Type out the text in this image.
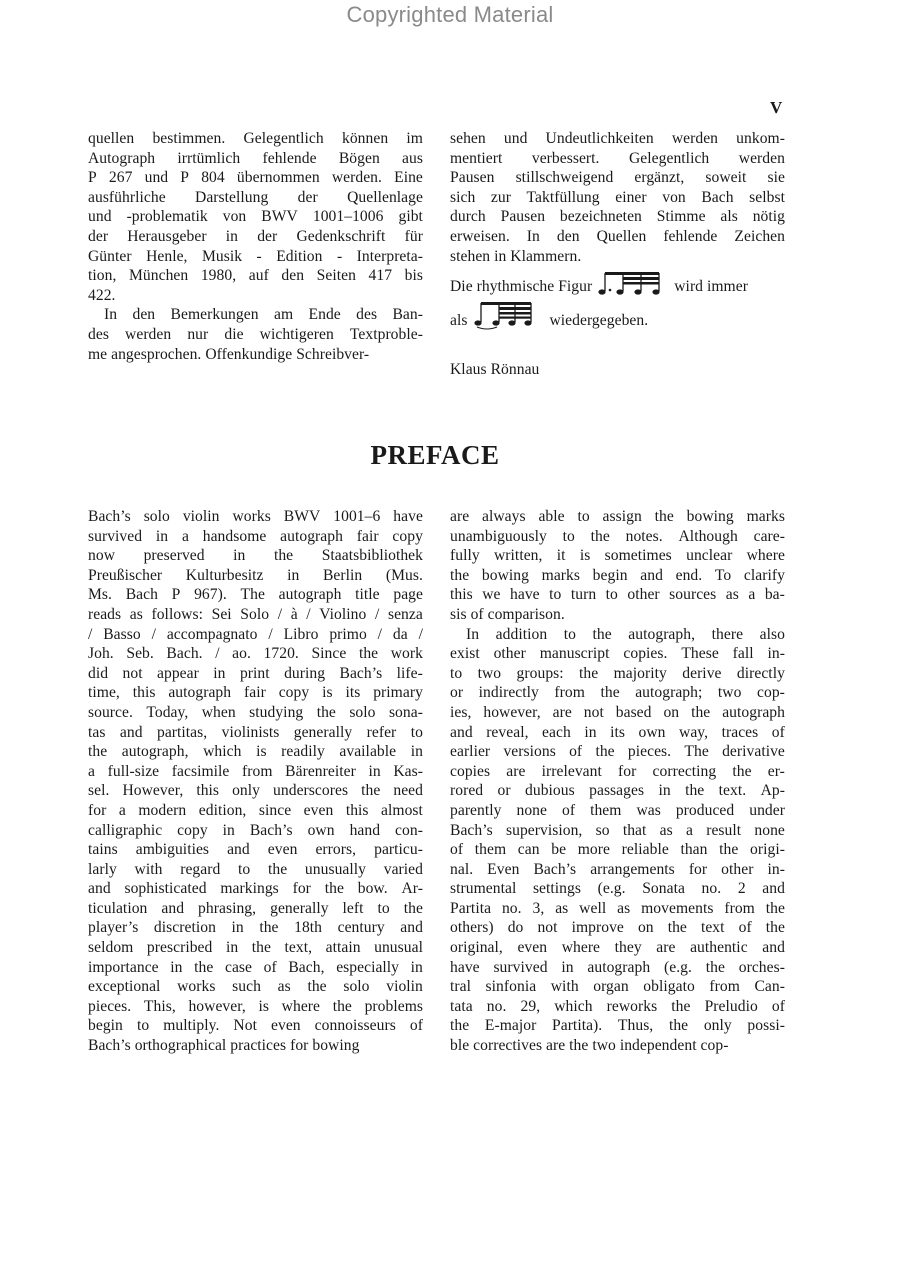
Copyrighted Material
V
quellen bestimmen. Gelegentlich können im
Autograph irrtümlich fehlende Bögen aus
P 267 und P 804 übernommen werden. Eine
ausführliche Darstellung der Quellenlage
und -problematik von BWV 1001–1006 gibt
der Herausgeber in der Gedenkschrift für
Günter Henle, Musik - Edition - Interpreta-
tion, München 1980, auf den Seiten 417 bis
422.
In den Bemerkungen am Ende des Ban-
des werden nur die wichtigeren Textproble-
me angesprochen. Offenkundige Schreibver-
sehen und Undeutlichkeiten werden unkom-
mentiert verbessert. Gelegentlich werden
Pausen stillschweigend ergänzt, soweit sie
sich zur Taktfüllung einer von Bach selbst
durch Pausen bezeichneten Stimme als nötig
erweisen. In den Quellen fehlende Zeichen
stehen in Klammern.
Die rhythmische Figur	wird immer
als	wiedergegeben.

Klaus Rönnau

PREFACE
Bach’s solo violin works BWV 1001–6 have
survived in a handsome autograph fair copy
now preserved in the Staatsbibliothek
Preußischer Kulturbesitz in Berlin (Mus.
Ms. Bach P 967). The autograph title page
reads as follows: Sei Solo / à / Violino / senza
/ Basso / accompagnato / Libro primo / da /
Joh. Seb. Bach. / ao. 1720. Since the work
did not appear in print during Bach’s life-
time, this autograph fair copy is its primary
source. Today, when studying the solo sona-
tas and partitas, violinists generally refer to
the autograph, which is readily available in
a full-size facsimile from Bärenreiter in Kas-
sel. However, this only underscores the need
for a modern edition, since even this almost
calligraphic copy in Bach’s own hand con-
tains ambiguities and even errors, particu-
larly with regard to the unusually varied
and sophisticated markings for the bow. Ar-
ticulation and phrasing, generally left to the
player’s discretion in the 18th century and
seldom prescribed in the text, attain unusual
importance in the case of Bach, especially in
exceptional works such as the solo violin
pieces. This, however, is where the problems
begin to multiply. Not even connoisseurs of
Bach’s orthographical practices for bowing
are always able to assign the bowing marks
unambiguously to the notes. Although care-
fully written, it is sometimes unclear where
the bowing marks begin and end. To clarify
this we have to turn to other sources as a ba-
sis of comparison.
In addition to the autograph, there also
exist other manuscript copies. These fall in-
to two groups: the majority derive directly
or indirectly from the autograph; two cop-
ies, however, are not based on the autograph
and reveal, each in its own way, traces of
earlier versions of the pieces. The derivative
copies are irrelevant for correcting the er-
rored or dubious passages in the text. Ap-
parently none of them was produced under
Bach’s supervision, so that as a result none
of them can be more reliable than the origi-
nal. Even Bach’s arrangements for other in-
strumental settings (e.g. Sonata no. 2 and
Partita no. 3, as well as movements from the
others) do not improve on the text of the
original, even where they are authentic and
have survived in autograph (e.g. the orches-
tral sinfonia with organ obligato from Can-
tata no. 29, which reworks the Preludio of
the E-major Partita). Thus, the only possi-
ble correctives are the two independent cop-
